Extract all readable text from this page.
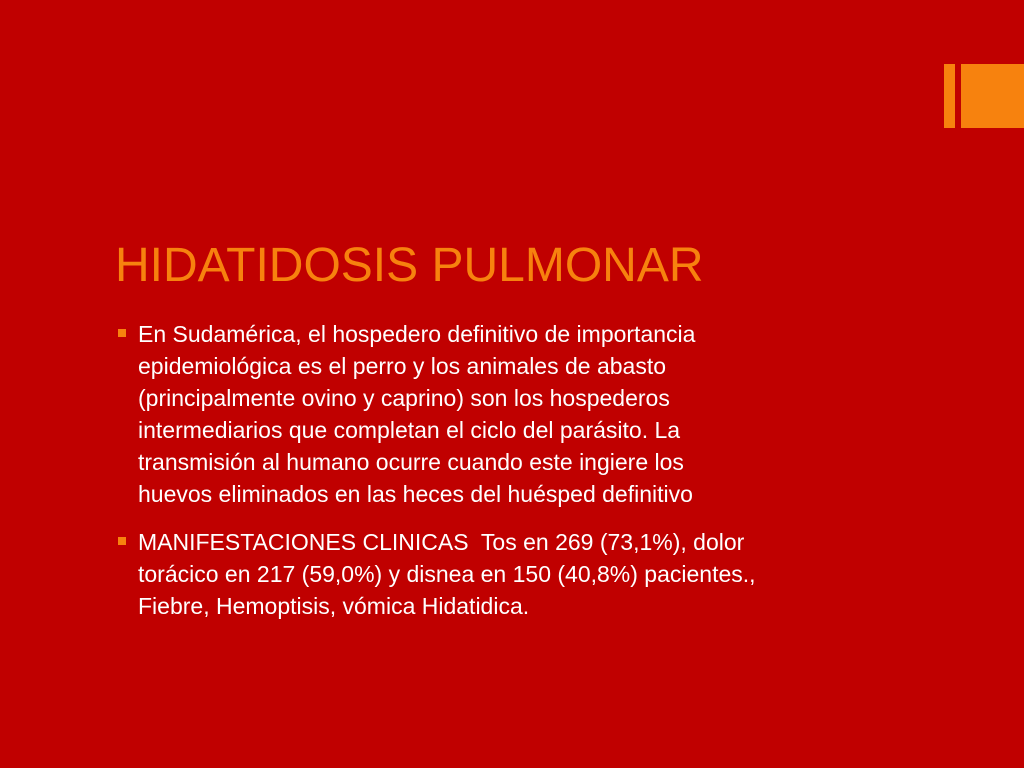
HIDATIDOSIS PULMONAR
En Sudamérica, el hospedero definitivo de importancia
epidemiológica es el perro y los animales de abasto
(principalmente ovino y caprino) son los hospederos
intermediarios que completan el ciclo del parásito. La
transmisión al humano ocurre cuando este ingiere los
huevos eliminados en las heces del huésped definitivo
MANIFESTACIONES CLINICAS  Tos en 269 (73,1%), dolor
torácico en 217 (59,0%) y disnea en 150 (40,8%) pacientes.,
Fiebre, Hemoptisis, vómica Hidatidica.
